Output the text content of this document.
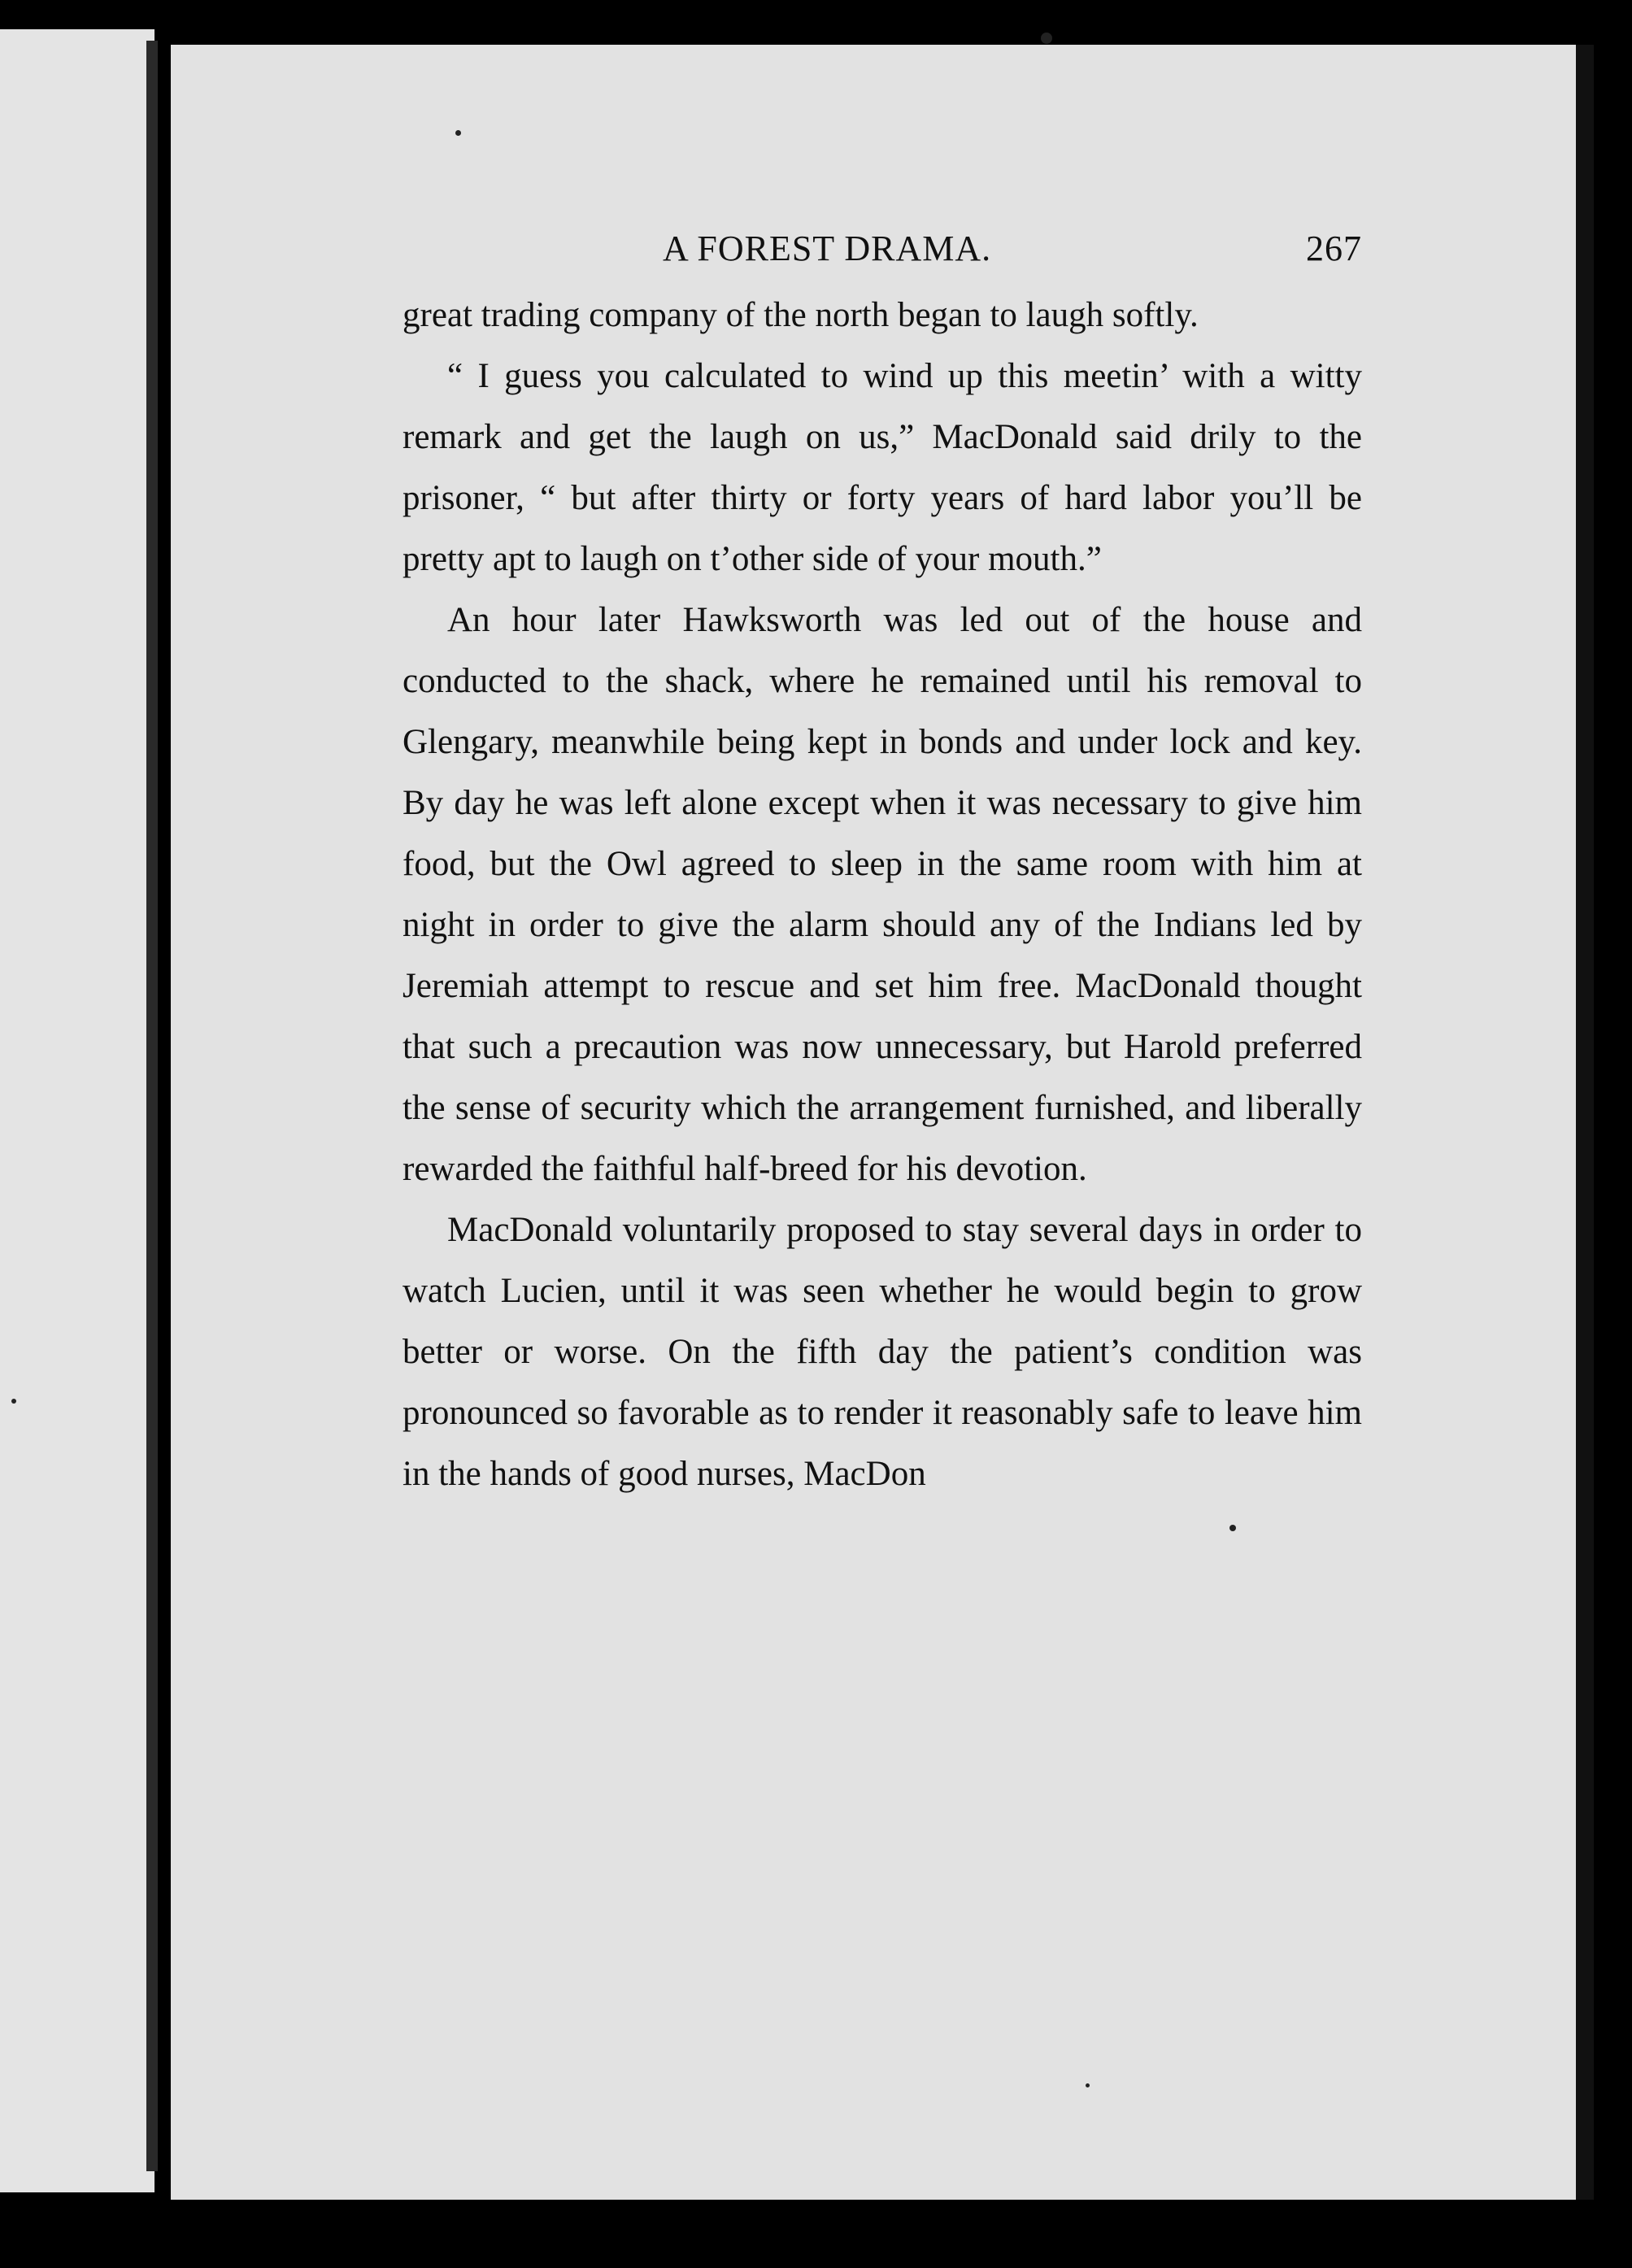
A FOREST DRAMA.	267

great trading company of the north began to laugh softly.

“ I guess you calculated to wind up this meetin’ with a witty remark and get the laugh on us,” MacDonald said drily to the prisoner, “ but after thirty or forty years of hard labor you’ll be pretty apt to laugh on t’other side of your mouth.”

An hour later Hawksworth was led out of the house and conducted to the shack, where he remained until his removal to Glengary, meanwhile being kept in bonds and under lock and key. By day he was left alone except when it was necessary to give him food, but the Owl agreed to sleep in the same room with him at night in order to give the alarm should any of the Indians led by Jeremiah attempt to rescue and set him free. MacDonald thought that such a precaution was now unnecessary, but Harold preferred the sense of security which the arrangement furnished, and liberally rewarded the faithful half-breed for his devotion.

MacDonald voluntarily proposed to stay several days in order to watch Lucien, until it was seen whether he would begin to grow better or worse. On the fifth day the patient’s condition was pronounced so favorable as to render it reasonably safe to leave him in the hands of good nurses, MacDon
